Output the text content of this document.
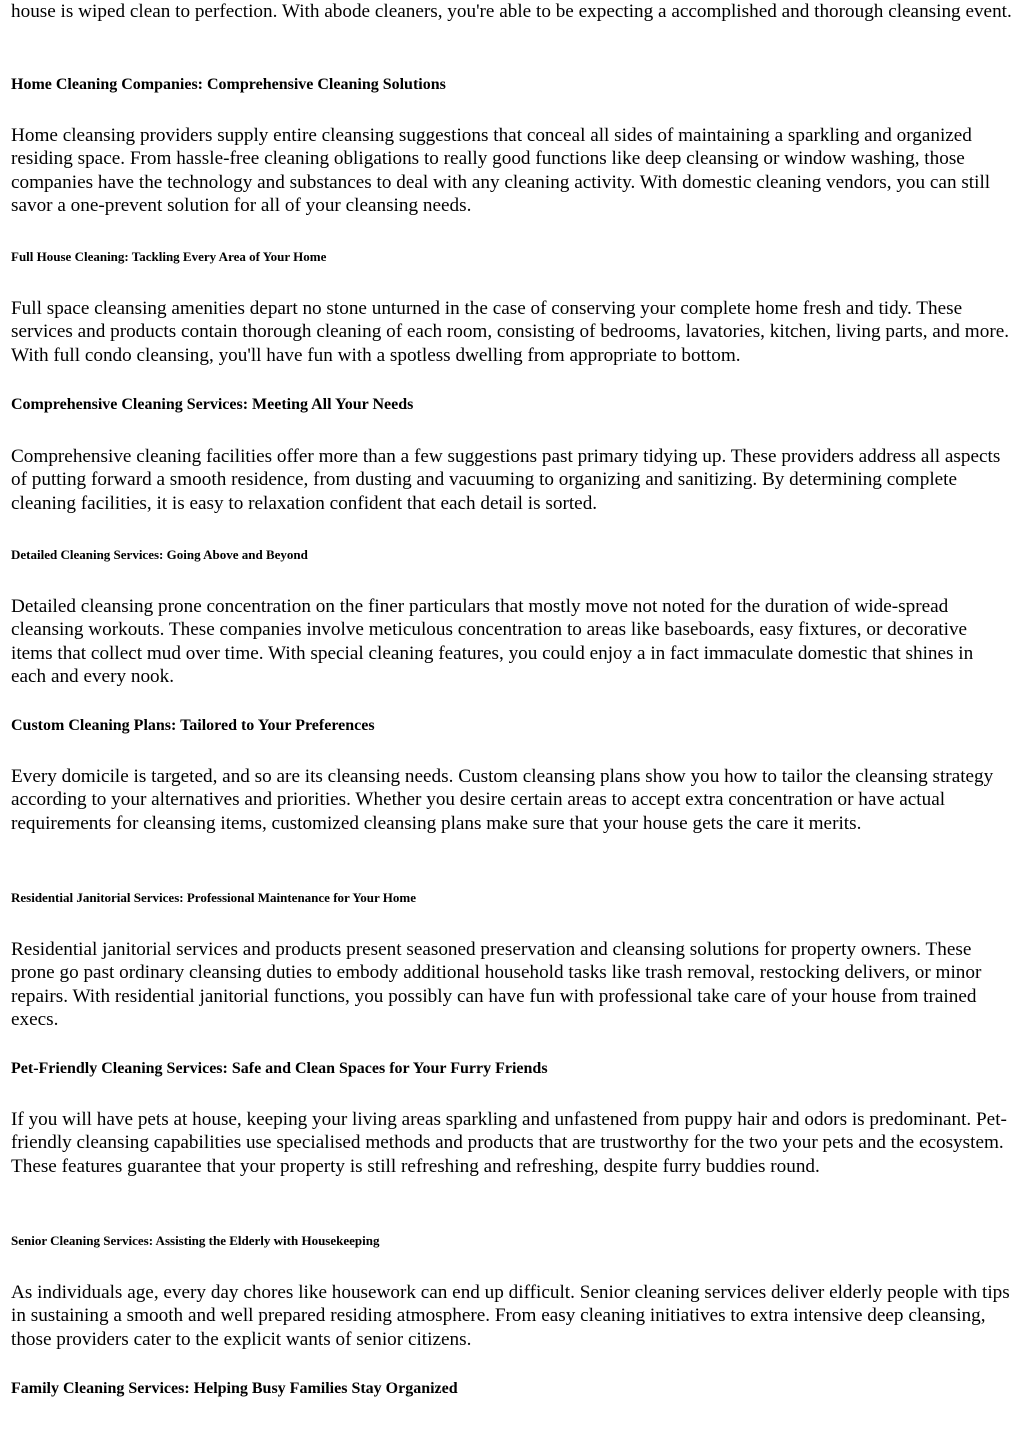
house is wiped clean to perfection. With abode cleaners, you're able to be expecting a accomplished and thorough cleansing event.

Home Cleaning Companies: Comprehensive Cleaning Solutions

Home cleansing providers supply entire cleansing suggestions that conceal all sides of maintaining a sparkling and organized residing space. From hassle-free cleaning obligations to really good functions like deep cleansing or window washing, those companies have the technology and substances to deal with any cleaning activity. With domestic cleaning vendors, you can still savor a one-prevent solution for all of your cleansing needs.

Full House Cleaning: Tackling Every Area of Your Home

Full space cleansing amenities depart no stone unturned in the case of conserving your complete home fresh and tidy. These services and products contain thorough cleaning of each room, consisting of bedrooms, lavatories, kitchen, living parts, and more. With full condo cleansing, you'll have fun with a spotless dwelling from appropriate to bottom.

Comprehensive Cleaning Services: Meeting All Your Needs

Comprehensive cleaning facilities offer more than a few suggestions past primary tidying up. These providers address all aspects of putting forward a smooth residence, from dusting and vacuuming to organizing and sanitizing. By determining complete cleaning facilities, it is easy to relaxation confident that each detail is sorted.

Detailed Cleaning Services: Going Above and Beyond

Detailed cleansing prone concentration on the finer particulars that mostly move not noted for the duration of wide-spread cleansing workouts. These companies involve meticulous concentration to areas like baseboards, easy fixtures, or decorative items that collect mud over time. With special cleaning features, you could enjoy a in fact immaculate domestic that shines in each and every nook.

Custom Cleaning Plans: Tailored to Your Preferences

Every domicile is targeted, and so are its cleansing needs. Custom cleansing plans show you how to tailor the cleansing strategy according to your alternatives and priorities. Whether you desire certain areas to accept extra concentration or have actual requirements for cleansing items, customized cleansing plans make sure that your house gets the care it merits.

Residential Janitorial Services: Professional Maintenance for Your Home

Residential janitorial services and products present seasoned preservation and cleansing solutions for property owners. These prone go past ordinary cleansing duties to embody additional household tasks like trash removal, restocking delivers, or minor repairs. With residential janitorial functions, you possibly can have fun with professional take care of your house from trained execs.

Pet-Friendly Cleaning Services: Safe and Clean Spaces for Your Furry Friends

If you will have pets at house, keeping your living areas sparkling and unfastened from puppy hair and odors is predominant. Pet-friendly cleansing capabilities use specialised methods and products that are trustworthy for the two your pets and the ecosystem. These features guarantee that your property is still refreshing and refreshing, despite furry buddies round.

Senior Cleaning Services: Assisting the Elderly with Housekeeping

As individuals age, every day chores like housework can end up difficult. Senior cleaning services deliver elderly people with tips in sustaining a smooth and well prepared residing atmosphere. From easy cleaning initiatives to extra intensive deep cleansing, those providers cater to the explicit wants of senior citizens.

Family Cleaning Services: Helping Busy Families Stay Organized
